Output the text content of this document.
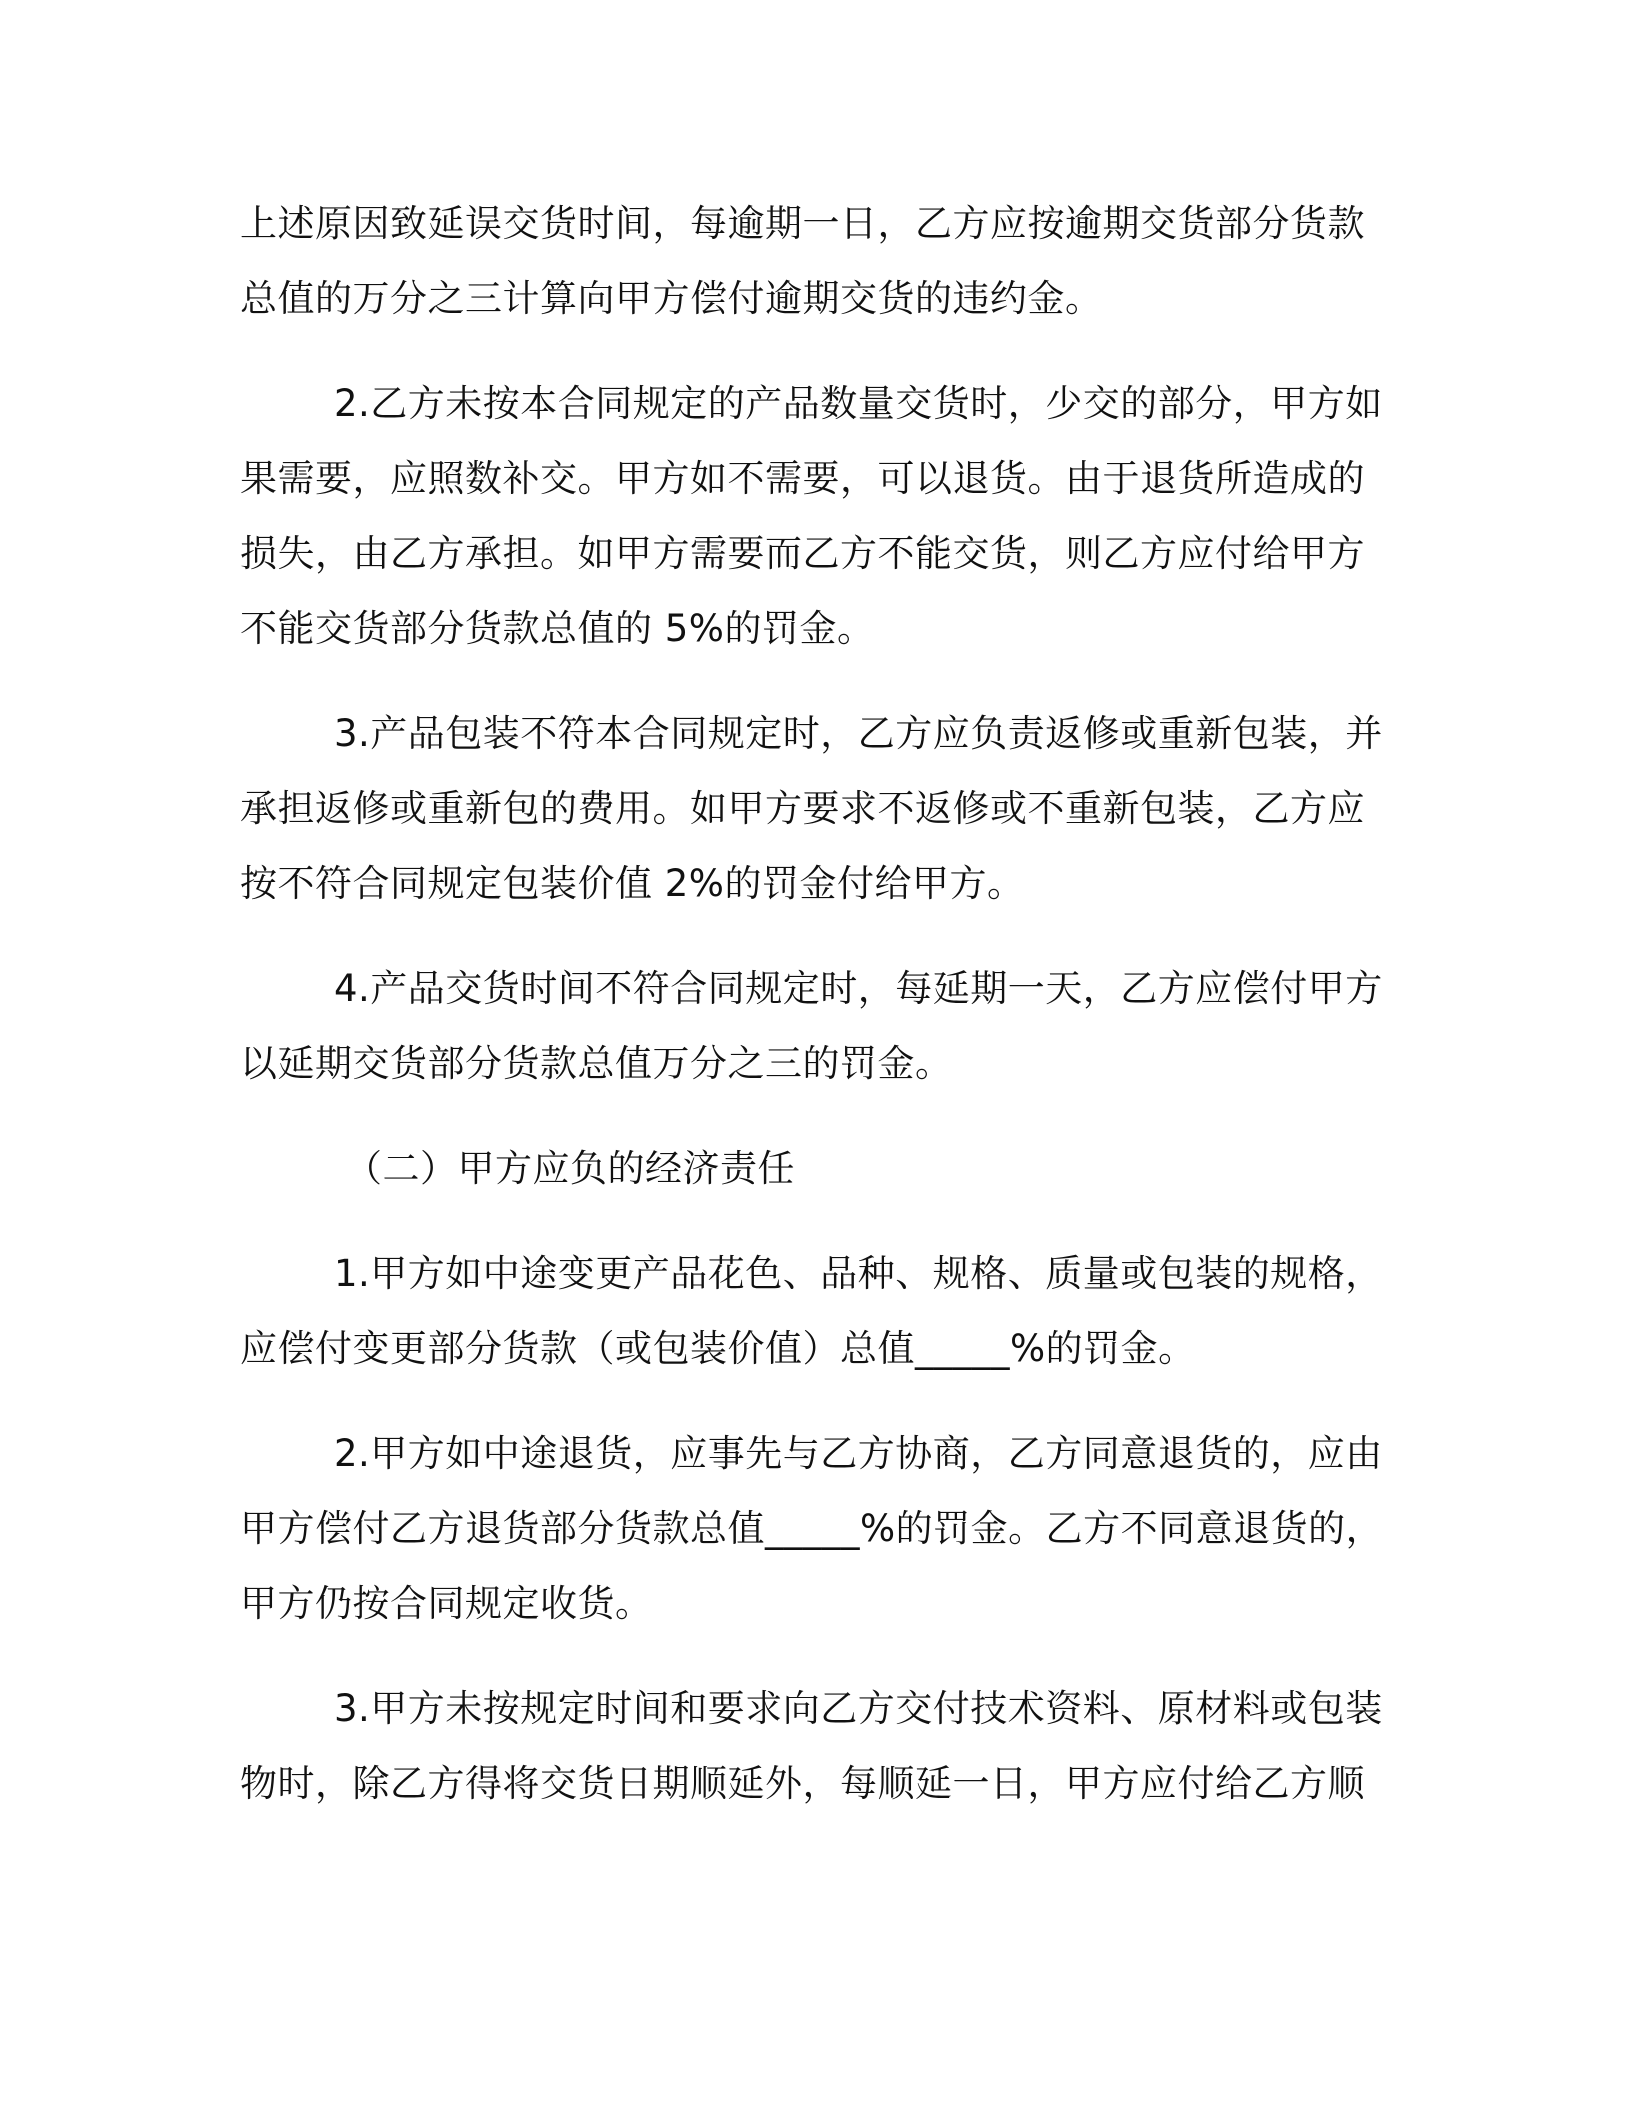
上述原因致延误交货时间，每逾期一日，乙方应按逾期交货部分货款
总值的万分之三计算向甲方偿付逾期交货的违约金。
2.乙方未按本合同规定的产品数量交货时，少交的部分，甲方如
果需要，应照数补交。甲方如不需要，可以退货。由于退货所造成的
损失，由乙方承担。如甲方需要而乙方不能交货，则乙方应付给甲方
不能交货部分货款总值的 5%的罚金。
3.产品包装不符本合同规定时，乙方应负责返修或重新包装，并
承担返修或重新包的费用。如甲方要求不返修或不重新包装，乙方应
按不符合同规定包装价值 2%的罚金付给甲方。
4.产品交货时间不符合同规定时，每延期一天，乙方应偿付甲方
以延期交货部分货款总值万分之三的罚金。
（二）甲方应负的经济责任
1.甲方如中途变更产品花色、品种、规格、质量或包装的规格，
应偿付变更部分货款（或包装价值）总值_____%的罚金。
2.甲方如中途退货，应事先与乙方协商，乙方同意退货的，应由
甲方偿付乙方退货部分货款总值_____%的罚金。乙方不同意退货的，
甲方仍按合同规定收货。
3.甲方未按规定时间和要求向乙方交付技术资料、原材料或包装
物时，除乙方得将交货日期顺延外，每顺延一日，甲方应付给乙方顺
